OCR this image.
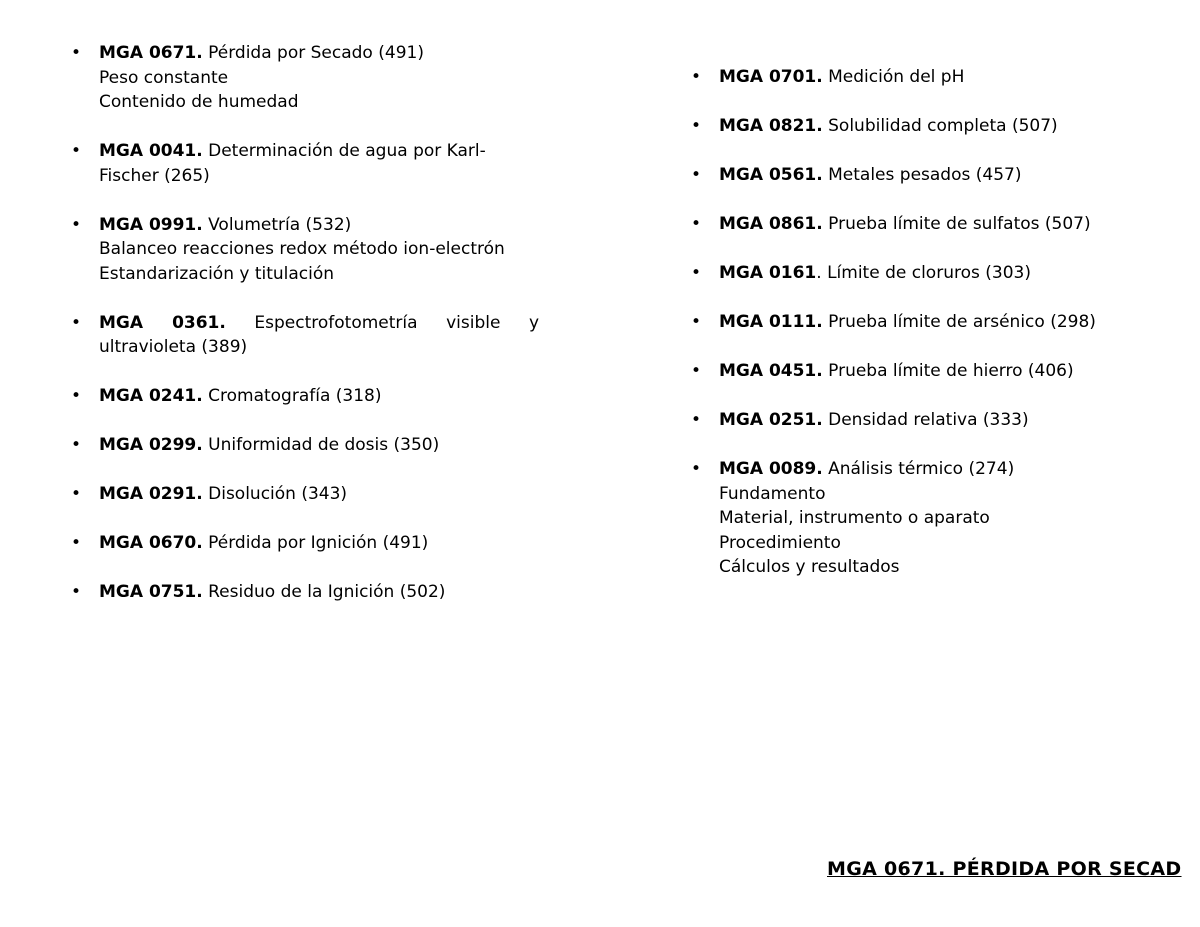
• MGA 0671. Pérdida por Secado (491)
Peso constante
Contenido de humedad
• MGA 0041. Determinación de agua por Karl-Fischer (265)
• MGA 0991. Volumetría (532)
Balanceo reacciones redox método ion-electrón
Estandarización y titulación
• MGA 0361. Espectrofotometría visible y ultravioleta (389)
• MGA 0241. Cromatografía (318)
• MGA 0299. Uniformidad de dosis (350)
• MGA 0291. Disolución (343)
• MGA 0670. Pérdida por Ignición (491)
• MGA 0751. Residuo de la Ignición (502)
• MGA 0701. Medición del pH
• MGA 0821. Solubilidad completa (507)
• MGA 0561. Metales pesados (457)
• MGA 0861. Prueba límite de sulfatos (507)
• MGA 0161. Límite de cloruros (303)
• MGA 0111. Prueba límite de arsénico (298)
• MGA 0451. Prueba límite de hierro (406)
• MGA 0251. Densidad relativa (333)
• MGA 0089. Análisis térmico (274)
Fundamento
Material, instrumento o aparato
Procedimiento
Cálculos y resultados
MGA 0671. PÉRDIDA POR SECAD
